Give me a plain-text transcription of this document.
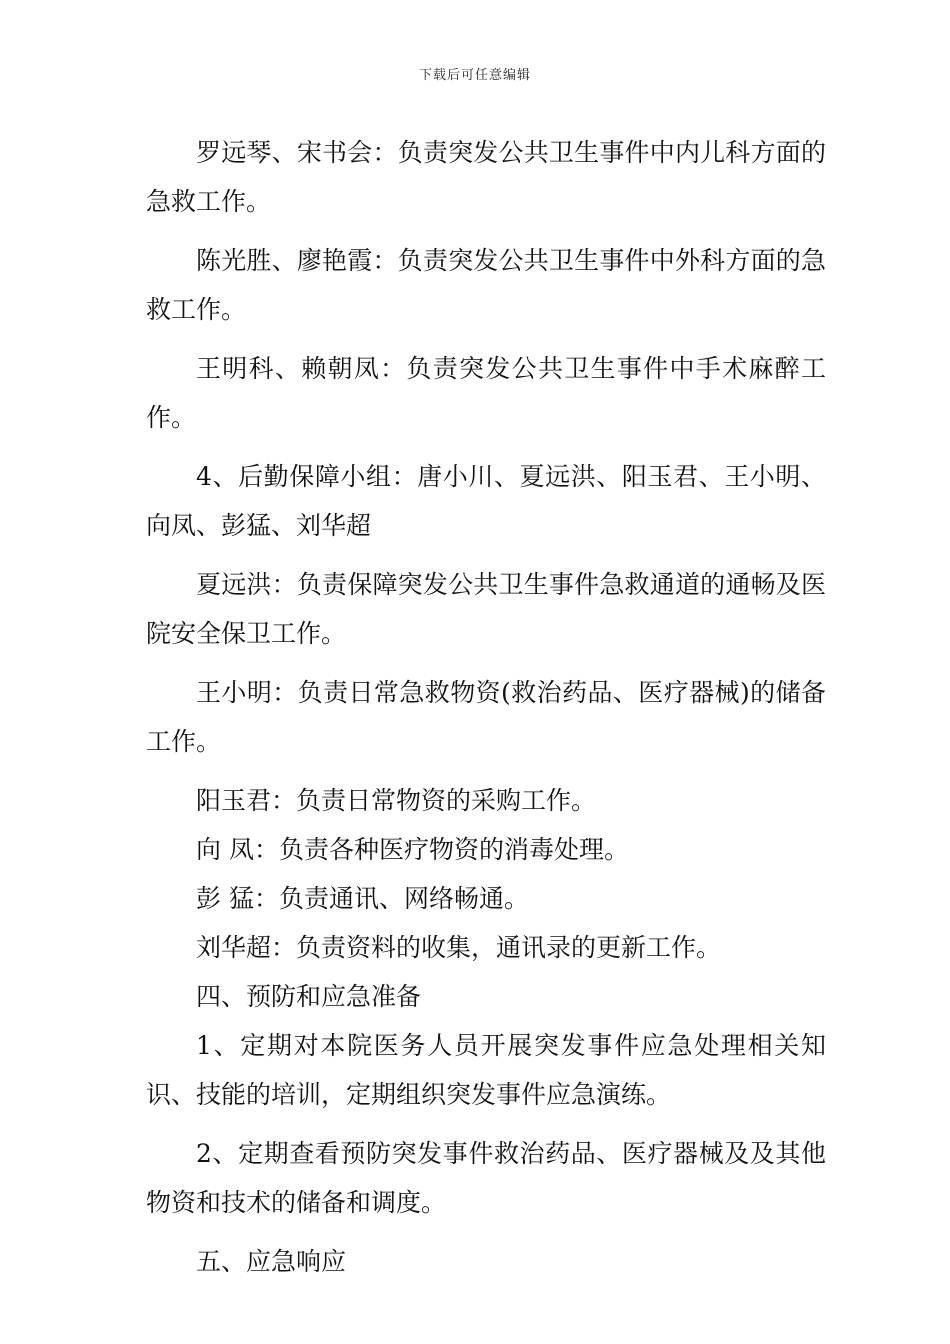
下载后可任意编辑

罗远琴、宋书会：负责突发公共卫生事件中内儿科方面的急救工作。

陈光胜、廖艳霞：负责突发公共卫生事件中外科方面的急救工作。

王明科、赖朝凤：负责突发公共卫生事件中手术麻醉工作。

4、后勤保障小组：唐小川、夏远洪、阳玉君、王小明、向凤、彭猛、刘华超

夏远洪：负责保障突发公共卫生事件急救通道的通畅及医院安全保卫工作。

王小明：负责日常急救物资(救治药品、医疗器械)的储备工作。

阳玉君：负责日常物资的采购工作。

向 凤：负责各种医疗物资的消毒处理。

彭 猛：负责通讯、网络畅通。

刘华超：负责资料的收集，通讯录的更新工作。

四、预防和应急准备

1、定期对本院医务人员开展突发事件应急处理相关知识、技能的培训，定期组织突发事件应急演练。

2、定期查看预防突发事件救治药品、医疗器械及及其他物资和技术的储备和调度。

五、应急响应
